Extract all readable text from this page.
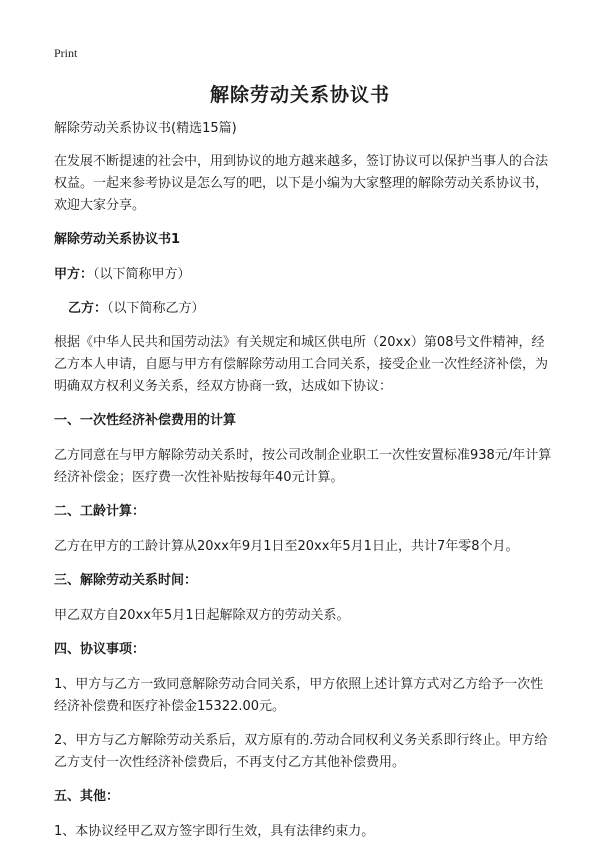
Print
解除劳动关系协议书

解除劳动关系协议书(精选15篇)

在发展不断提速的社会中，用到协议的地方越来越多，签订协议可以保护当事人的合法权益。一起来参考协议是怎么写的吧，以下是小编为大家整理的解除劳动关系协议书，欢迎大家分享。

解除劳动关系协议书1
甲方：（以下简称甲方）
乙方：（以下简称乙方）

根据《中华人民共和国劳动法》有关规定和城区供电所（20xx）第08号文件精神，经乙方本人申请，自愿与甲方有偿解除劳动用工合同关系，接受企业一次性经济补偿，为明确双方权利义务关系，经双方协商一致，达成如下协议：

一、一次性经济补偿费用的计算

乙方同意在与甲方解除劳动关系时，按公司改制企业职工一次性安置标准938元/年计算经济补偿金；医疗费一次性补贴按每年40元计算。

二、工龄计算：

乙方在甲方的工龄计算从20xx年9月1日至20xx年5月1日止，共计7年零8个月。

三、解除劳动关系时间：

甲乙双方自20xx年5月1日起解除双方的劳动关系。

四、协议事项：

1、甲方与乙方一致同意解除劳动合同关系，甲方依照上述计算方式对乙方给予一次性经济补偿费和医疗补偿金15322.00元。

2、甲方与乙方解除劳动关系后，双方原有的.劳动合同权利义务关系即行终止。甲方给乙方支付一次性经济补偿费后，不再支付乙方其他补偿费用。

五、其他：

1、本协议经甲乙双方签字即行生效，具有法律约束力。
